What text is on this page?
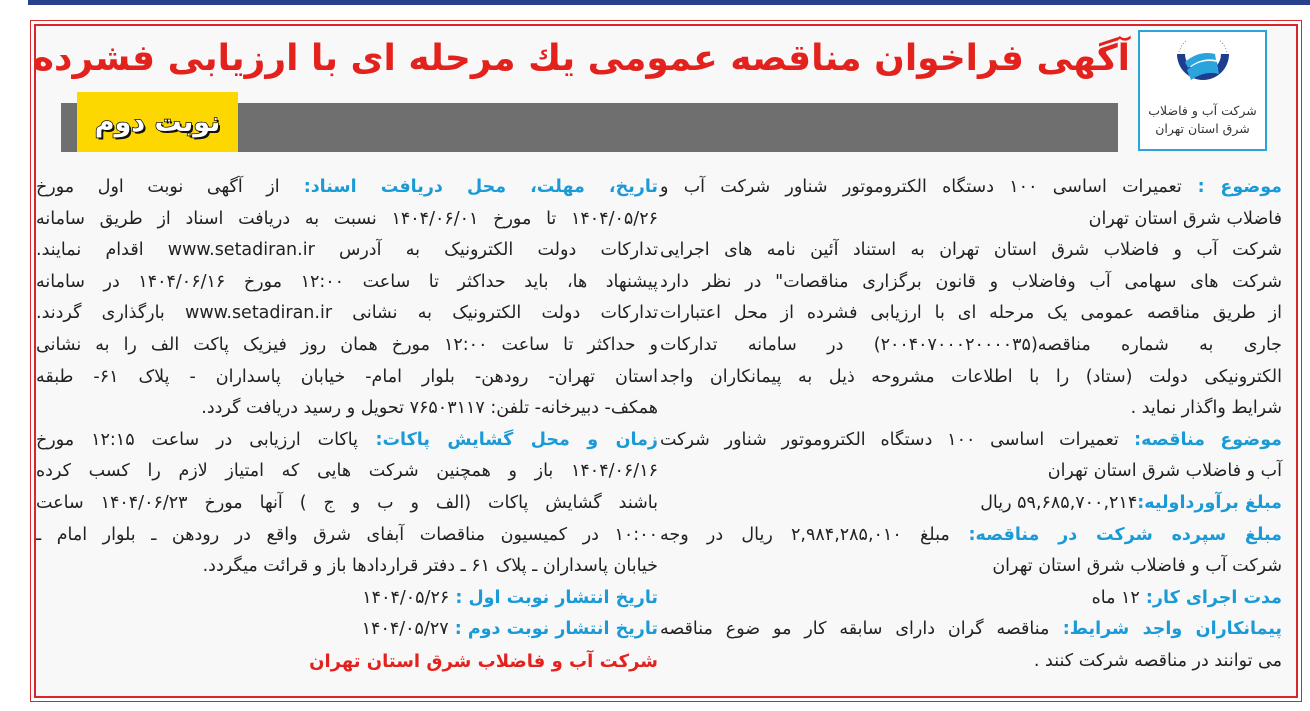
آگهی فراخوان مناقصه عمومی یك مرحله ای با ارزیابی فشرده
نوبت دوم	شرکت آب و فاضلاب
شرق استان تهران
موضوع : تعمیرات اساسی ۱۰۰ دستگاه الکتروموتور شناور شرکت آب و
فاضلاب شرق استان تهران
شرکت آب و فاضلاب شرق استان تهران به استناد آئین نامه های اجرایی
شرکت های سهامی آب وفاضلاب و قانون برگزاری مناقصات" در نظر دارد
از طریق مناقصه عمومی یک مرحله ای با ارزیابی فشرده از محل اعتبارات
جاری به شماره مناقصه(۲۰۰۴۰۷۰۰۰۲۰۰۰۰۳۵) در سامانه تدارکات
الکترونیکی دولت (ستاد) را با اطلاعات مشروحه ذیل به پیمانکاران واجد
شرایط واگذار نماید .
موضوع مناقصه: تعمیرات اساسی ۱۰۰ دستگاه الکتروموتور شناور شرکت
آب و فاضلاب شرق استان تهران
مبلغ برآورداولیه:۵۹,۶۸۵,۷۰۰,۲۱۴ ریال
مبلغ سپرده شرکت در مناقصه: مبلغ ۲,۹۸۴,۲۸۵,۰۱۰ ریال در وجه
شرکت آب و فاضلاب شرق استان تهران
مدت اجرای کار: ۱۲ ماه
پیمانکاران واجد شرایط: مناقصه گران دارای سابقه کار مو ضوع مناقصه
می توانند در مناقصه شرکت کنند .
تاریخ، مهلت، محل دریافت اسناد: از آگهی نوبت اول مورخ
۱۴۰۴/۰۵/۲۶ تا مورخ ۱۴۰۴/۰۶/۰۱ نسبت به دریافت اسناد از طریق سامانه
تدارکات دولت الکترونیک به آدرس www.setadiran.ir اقدام نمایند.
پیشنهاد ها، باید حداکثر تا ساعت ۱۲:۰۰ مورخ ۱۴۰۴/۰۶/۱۶ در سامانه
تدارکات دولت الکترونیک به نشانی www.setadiran.ir بارگذاری گردند.
و حداکثر تا ساعت ۱۲:۰۰ مورخ همان روز فیزیک پاکت الف را به نشانی
استان تهران- رودهن- بلوار امام- خیابان پاسداران - پلاک ۶۱- طبقه
همکف- دبیرخانه- تلفن: ۷۶۵۰۳۱۱۷ تحویل و رسید دریافت گردد.
زمان و محل گشایش پاکات: پاکات ارزیابی در ساعت ۱۲:۱۵ مورخ
۱۴۰۴/۰۶/۱۶ باز و همچنین شرکت هایی که امتیاز لازم را کسب کرده
باشند گشایش پاکات (الف و ب و ج ) آنها مورخ ۱۴۰۴/۰۶/۲۳ ساعت
۱۰:۰۰ در کمیسیون مناقصات آبفای شرق واقع در رودهن ـ بلوار امام ـ
خیابان پاسداران ـ پلاک ۶۱ ـ دفتر قراردادها باز و قرائت میگردد.
تاریخ انتشار نوبت اول : ۱۴۰۴/۰۵/۲۶
تاریخ انتشار نوبت دوم : ۱۴۰۴/۰۵/۲۷
شرکت آب و فاضلاب شرق استان تهران
